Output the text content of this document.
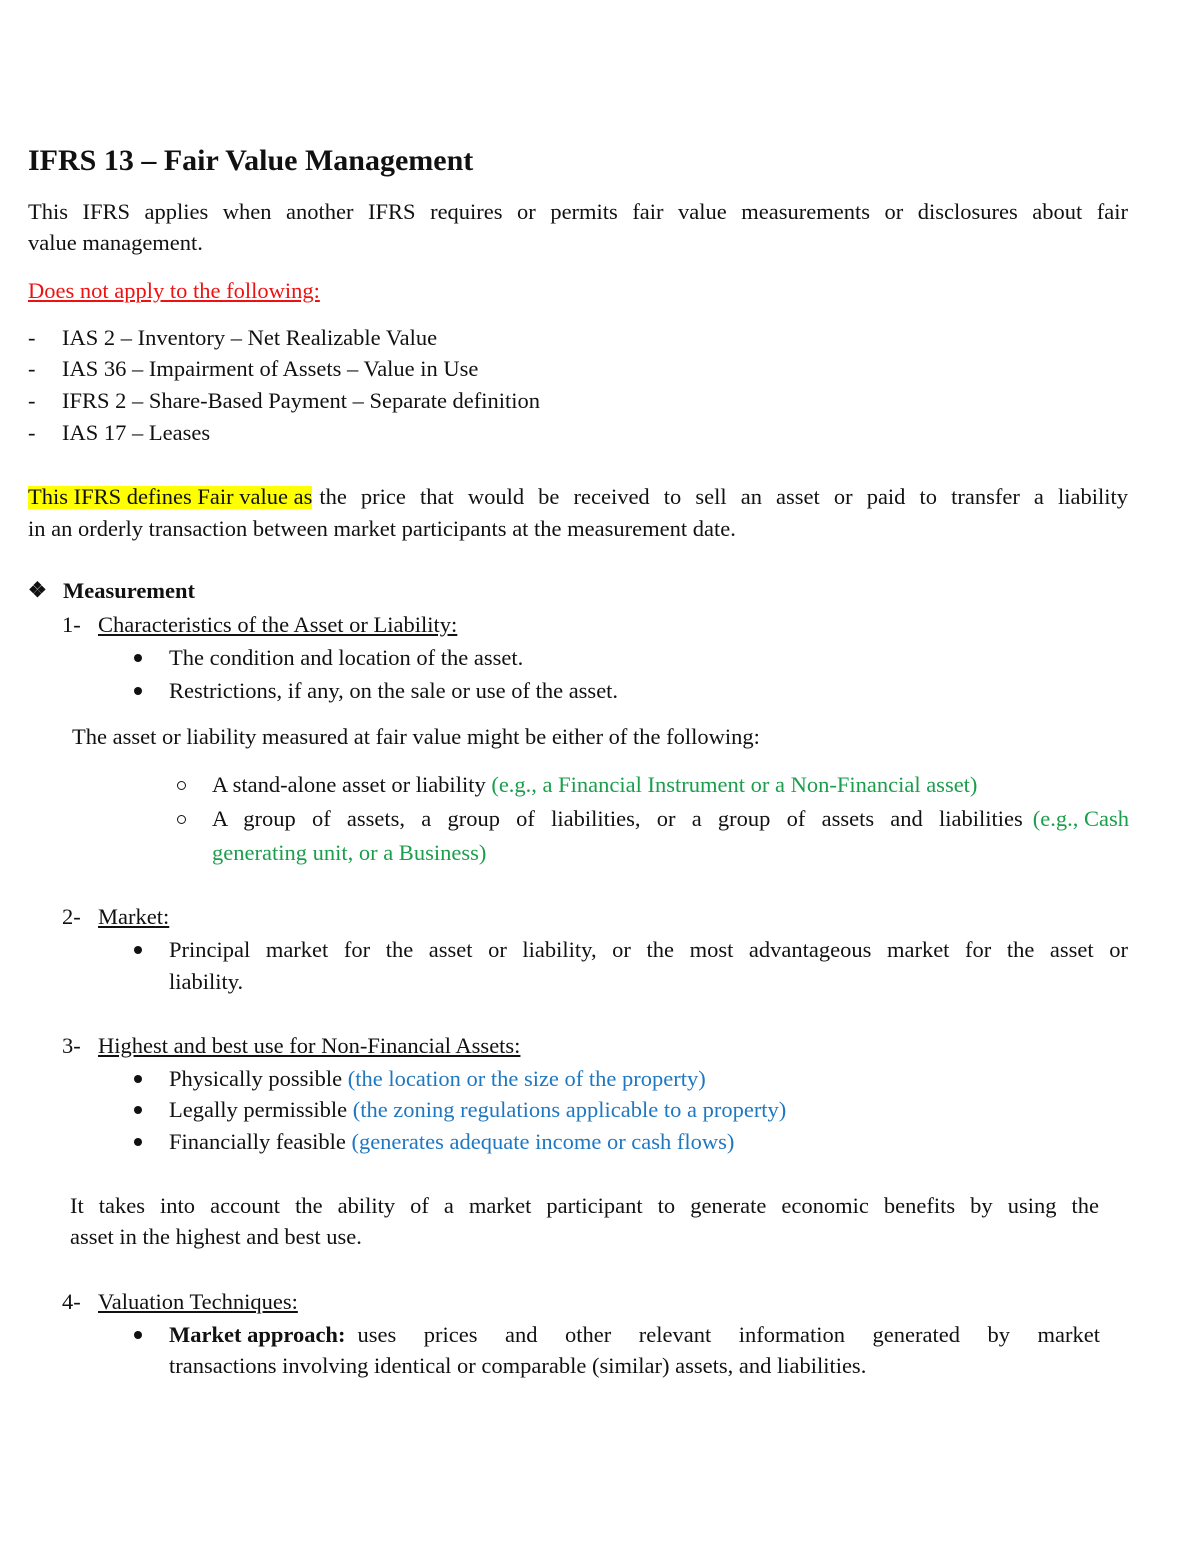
IFRS 13 – Fair Value Management
This IFRS applies when another IFRS requires or permits fair value measurements or disclosures about fair
value management.
Does not apply to the following:
- IAS 2 – Inventory – Net Realizable Value
- IAS 36 – Impairment of Assets – Value in Use
- IFRS 2 – Share-Based Payment – Separate definition
- IAS 17 – Leases
This IFRS defines Fair value as the price that would be received to sell an asset or paid to transfer a liability
in an orderly transaction between market participants at the measurement date.
❖ Measurement
1- Characteristics of the Asset or Liability:
The condition and location of the asset.
Restrictions, if any, on the sale or use of the asset.
The asset or liability measured at fair value might be either of the following:
A stand-alone asset or liability (e.g., a Financial Instrument or a Non-Financial asset)
A group of assets, a group of liabilities, or a group of assets and liabilities (e.g., Cash
generating unit, or a Business)
2- Market:
Principal market for the asset or liability, or the most advantageous market for the asset or
liability.
3- Highest and best use for Non-Financial Assets:
Physically possible (the location or the size of the property)
Legally permissible (the zoning regulations applicable to a property)
Financially feasible (generates adequate income or cash flows)
It takes into account the ability of a market participant to generate economic benefits by using the
asset in the highest and best use.
4- Valuation Techniques:
Market approach: uses prices and other relevant information generated by market
transactions involving identical or comparable (similar) assets, and liabilities.
